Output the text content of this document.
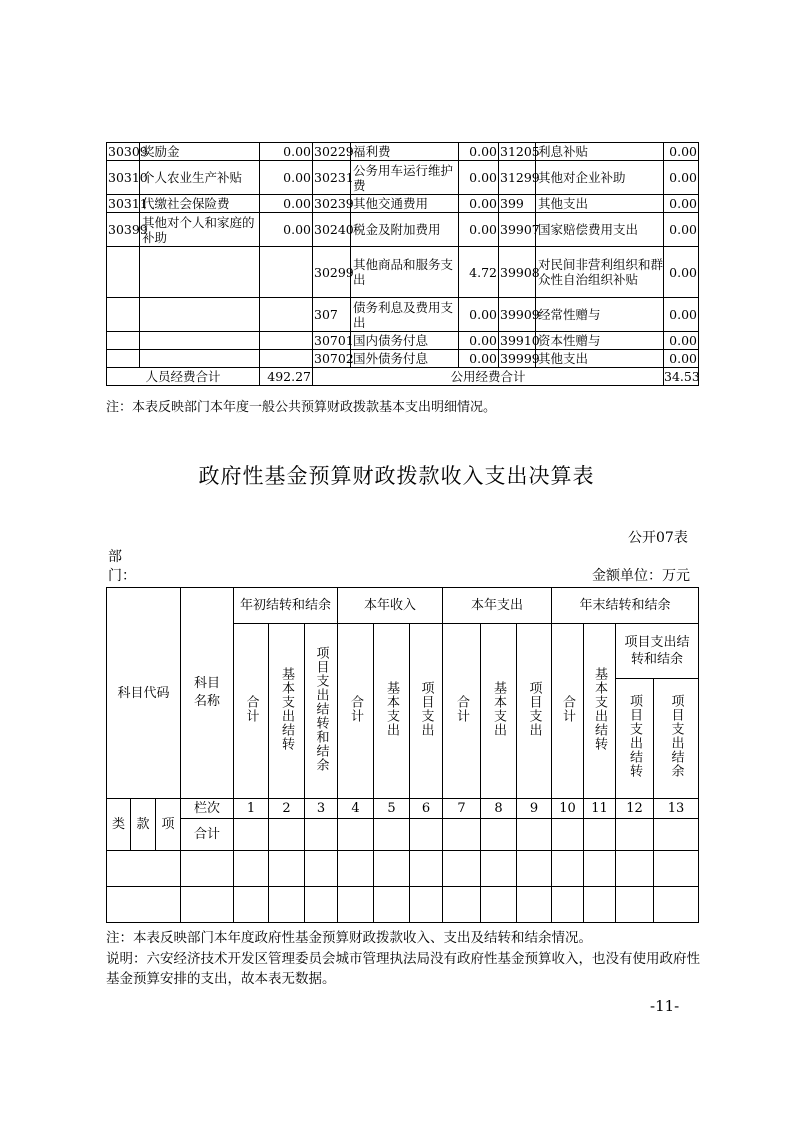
30309	奖励金	0.00	30229	福利费	0.00	31205	利息补贴	0.00
30310	个人农业生产补贴	0.00	30231	公务用车运行维护费	0.00	31299	其他对企业补助	0.00
30311	代缴社会保险费	0.00	30239	其他交通费用	0.00	399	其他支出	0.00
30399	其他对个人和家庭的补助	0.00	30240	税金及附加费用	0.00	39907	国家赔偿费用支出	0.00
			30299	其他商品和服务支出	4.72	39908	对民间非营利组织和群众性自治组织补贴	0.00
			307	债务利息及费用支出	0.00	39909	经常性赠与	0.00
			30701	国内债务付息	0.00	39910	资本性赠与	0.00
			30702	国外债务付息	0.00	39999	其他支出	0.00
人员经费合计		492.27	公用经费合计					34.53
注：本表反映部门本年度一般公共预算财政拨款基本支出明细情况。
政府性基金预算财政拨款收入支出决算表
公开07表
部
门：	金额单位：万元
科目代码			科目名称	年初结转和结余			本年收入			本年支出			年末结转和结余			
				合计	基本支出结转	项目支出结转和结余	合计	基本支出	项目支出	合计	基本支出	项目支出	合计	基本支出结转	项目支出结转和结余	
															项目支出结转	项目支出结余
类	款	项	栏次	1	2	3	4	5	6	7	8	9	10	11	12	13
			合计													

注：本表反映部门本年度政府性基金预算财政拨款收入、支出及结转和结余情况。
说明：六安经济技术开发区管理委员会城市管理执法局没有政府性基金预算收入，也没有使用政府性基金预算安排的支出，故本表无数据。
-11-
